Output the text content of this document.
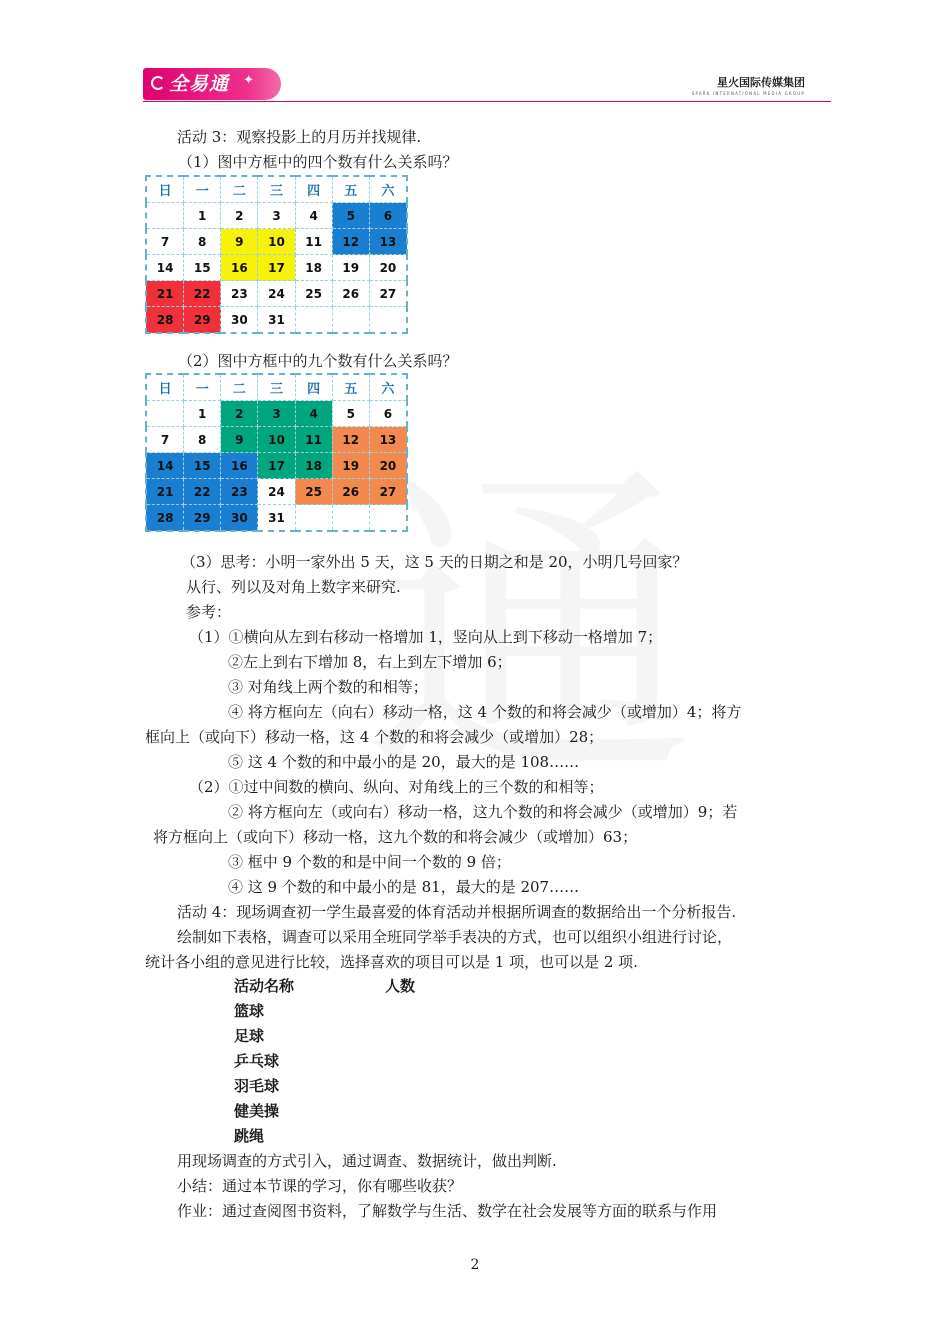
全易通 ✦	星火国际传媒集团
SPARK INTERNATIONAL MEDIA GROUP
活动 3：观察投影上的月历并找规律.
（1）图中方框中的四个数有什么关系吗？
日	一	二	三	四	五	六
	1	2	3	4	5	6
7	8	9	10	11	12	13
14	15	16	17	18	19	20
21	22	23	24	25	26	27
28	29	30	31			
（2）图中方框中的九个数有什么关系吗？
日	一	二	三	四	五	六
	1	2	3	4	5	6
7	8	9	10	11	12	13
14	15	16	17	18	19	20
21	22	23	24	25	26	27
28	29	30	31			
（3）思考：小明一家外出 5 天，这 5 天的日期之和是 20，小明几号回家？
从行、列以及对角上数字来研究.
参考：
（1）①横向从左到右移动一格增加 1，竖向从上到下移动一格增加 7；
②左上到右下增加 8，右上到左下增加 6；
③ 对角线上两个数的和相等；
④ 将方框向左（向右）移动一格，这 4 个数的和将会减少（或增加）4；将方
框向上（或向下）移动一格，这 4 个数的和将会减少（或增加）28；
⑤ 这 4 个数的和中最小的是 20，最大的是 108……
（2）①过中间数的横向、纵向、对角线上的三个数的和相等；
② 将方框向左（或向右）移动一格，这九个数的和将会减少（或增加）9；若
将方框向上（或向下）移动一格，这九个数的和将会减少（或增加）63；
③ 框中 9 个数的和是中间一个数的 9 倍；
④ 这 9 个数的和中最小的是 81，最大的是 207……
活动 4：现场调查初一学生最喜爱的体育活动并根据所调查的数据给出一个分析报告.
绘制如下表格，调查可以采用全班同学举手表决的方式，也可以组织小组进行讨论，
统计各小组的意见进行比较，选择喜欢的项目可以是 1 项，也可以是 2 项.
活动名称	人数
篮球
足球
乒乓球
羽毛球
健美操
跳绳
用现场调查的方式引入，通过调查、数据统计，做出判断.
小结：通过本节课的学习，你有哪些收获？
作业：通过查阅图书资料，了解数学与生活、数学在社会发展等方面的联系与作用
2
